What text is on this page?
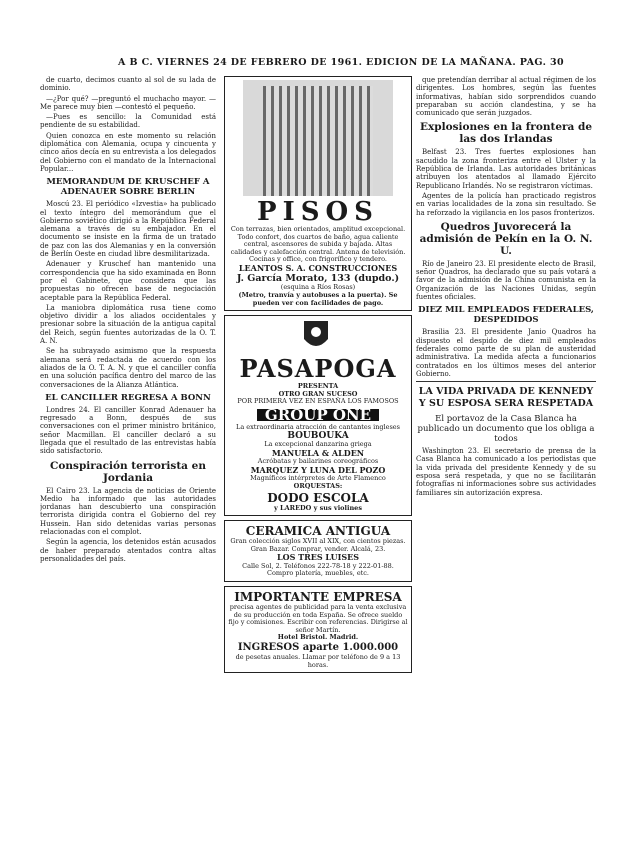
A B C. VIERNES 24 DE FEBRERO DE 1961. EDICION DE LA MAÑANA. PAG. 30

de cuarto, decimos cuanto al sol de su lada de dominio.

—¿Por qué? —preguntó el muchacho mayor. —Me parece muy bien —contestó el pequeño.

—Pues es sencillo: la Comunidad está pendiente de su estabilidad.

Quien conozca en este momento su relación diplomática con Alemania, ocupa y cincuenta y cinco años decía en su entrevista a los delegados del Gobierno con el mandato de la Internacional Popular...

MEMORANDUM DE KRUSCHEF A ADENAUER SOBRE BERLIN

Moscú 23. El periódico «Izvestia» ha publicado el texto íntegro del memorándum que el Gobierno soviético dirigió a la República Federal alemana a través de su embajador. En el documento se insiste en la firma de un tratado de paz con las dos Alemanias y en la conversión de Berlín Oeste en ciudad libre desmilitarizada.

Adenauer y Kruschef han mantenido una correspondencia que ha sido examinada en Bonn por el Gabinete, que considera que las propuestas no ofrecen base de negociación aceptable para la República Federal.

La maniobra diplomática rusa tiene como objetivo dividir a los aliados occidentales y presionar sobre la situación de la antigua capital del Reich, según fuentes autorizadas de la O. T. A. N.

Se ha subrayado asimismo que la respuesta alemana será redactada de acuerdo con los aliados de la O. T. A. N. y que el canciller confía en una solución pacífica dentro del marco de las conversaciones de la Alianza Atlántica.

EL CANCILLER REGRESA A BONN

Londres 24. El canciller Konrad Adenauer ha regresado a Bonn, después de sus conversaciones con el primer ministro británico, señor Macmillan. El canciller declaró a su llegada que el resultado de las entrevistas había sido satisfactorio.

Conspiración terrorista en Jordania

El Cairo 23. La agencia de noticias de Oriente Medio ha informado que las autoridades jordanas han descubierto una conspiración terrorista dirigida contra el Gobierno del rey Hussein. Han sido detenidas varias personas relacionadas con el complot.

Según la agencia, los detenidos están acusados de haber preparado atentados contra altas personalidades del país.

PISOS
Con terrazas, bien orientados, amplitud excepcional. Todo confort, dos cuartos de baño, agua caliente central, ascensores de subida y bajada. Altas calidades y calefacción central. Antena de televisión. Cocinas y office, con frigorífico y tendero.
LEANTOS S. A. CONSTRUCCIONES
J. García Morato, 133 (dupdo.)
(esquina a Ríos Rosas)
(Metro, tranvía y autobuses a la puerta). Se pueden ver con facilidades de pago.
PASAPOGA
PRESENTA
OTRO GRAN SUCESO
POR PRIMERA VEZ EN ESPAÑA LOS FAMOSOS
GROUP ONE
La extraordinaria atracción de cantantes ingleses
BOUBOUKA
La excepcional danzarina griega
MANUELA & ALDEN
Acróbatas y bailarines coreográficos
MARQUEZ Y LUNA DEL POZO
Magníficos intérpretes de Arte Flamenco
ORQUESTAS:
DODO ESCOLA
y LAREDO y sus violines
CERAMICA ANTIGUA
Gran colección siglos XVII al XIX, con cientos piezas. Gran Bazar. Comprar, vender. Alcalá, 23.
LOS TRES LUISES
Calle Sol, 2. Teléfonos 222-78-18 y 222-01-88. Compro platería, muebles, etc.
IMPORTANTE EMPRESA
precisa agentes de publicidad para la venta exclusiva de su producción en toda España. Se ofrece sueldo fijo y comisiones. Escribir con referencias. Dirigirse al señor Martín.
Hotel Bristol. Madrid.
INGRESOS aparte 1.000.000
de pesetas anuales. Llamar por teléfono de 9 a 13 horas.

que pretendían derribar al actual régimen de los dirigentes. Los hombres, según las fuentes informativas, habían sido sorprendidos cuando preparaban su acción clandestina, y se ha comunicado que serán juzgados.

Explosiones en la frontera de las dos Irlandas

Belfast 23. Tres fuertes explosiones han sacudido la zona fronteriza entre el Ulster y la República de Irlanda. Las autoridades británicas atribuyen los atentados al llamado Ejército Republicano Irlandés. No se registraron víctimas.

Agentes de la policía han practicado registros en varias localidades de la zona sin resultado. Se ha reforzado la vigilancia en los pasos fronterizos.

Quedros Juvorecerá la admisión de Pekín en la O. N. U.

Río de Janeiro 23. El presidente electo de Brasil, señor Quadros, ha declarado que su país votará a favor de la admisión de la China comunista en la Organización de las Naciones Unidas, según fuentes oficiales.

DIEZ MIL EMPLEADOS FEDERALES, DESPEDIDOS

Brasilia 23. El presidente Janio Quadros ha dispuesto el despido de diez mil empleados federales como parte de su plan de austeridad administrativa. La medida afecta a funcionarios contratados en los últimos meses del anterior Gobierno.

LA VIDA PRIVADA DE KENNEDY Y SU ESPOSA SERA RESPETADA
El portavoz de la Casa Blanca ha publicado un documento que los obliga a todos

Washington 23. El secretario de prensa de la Casa Blanca ha comunicado a los periodistas que la vida privada del presidente Kennedy y de su esposa será respetada, y que no se facilitarán fotografías ni informaciones sobre sus actividades familiares sin autorización expresa.
